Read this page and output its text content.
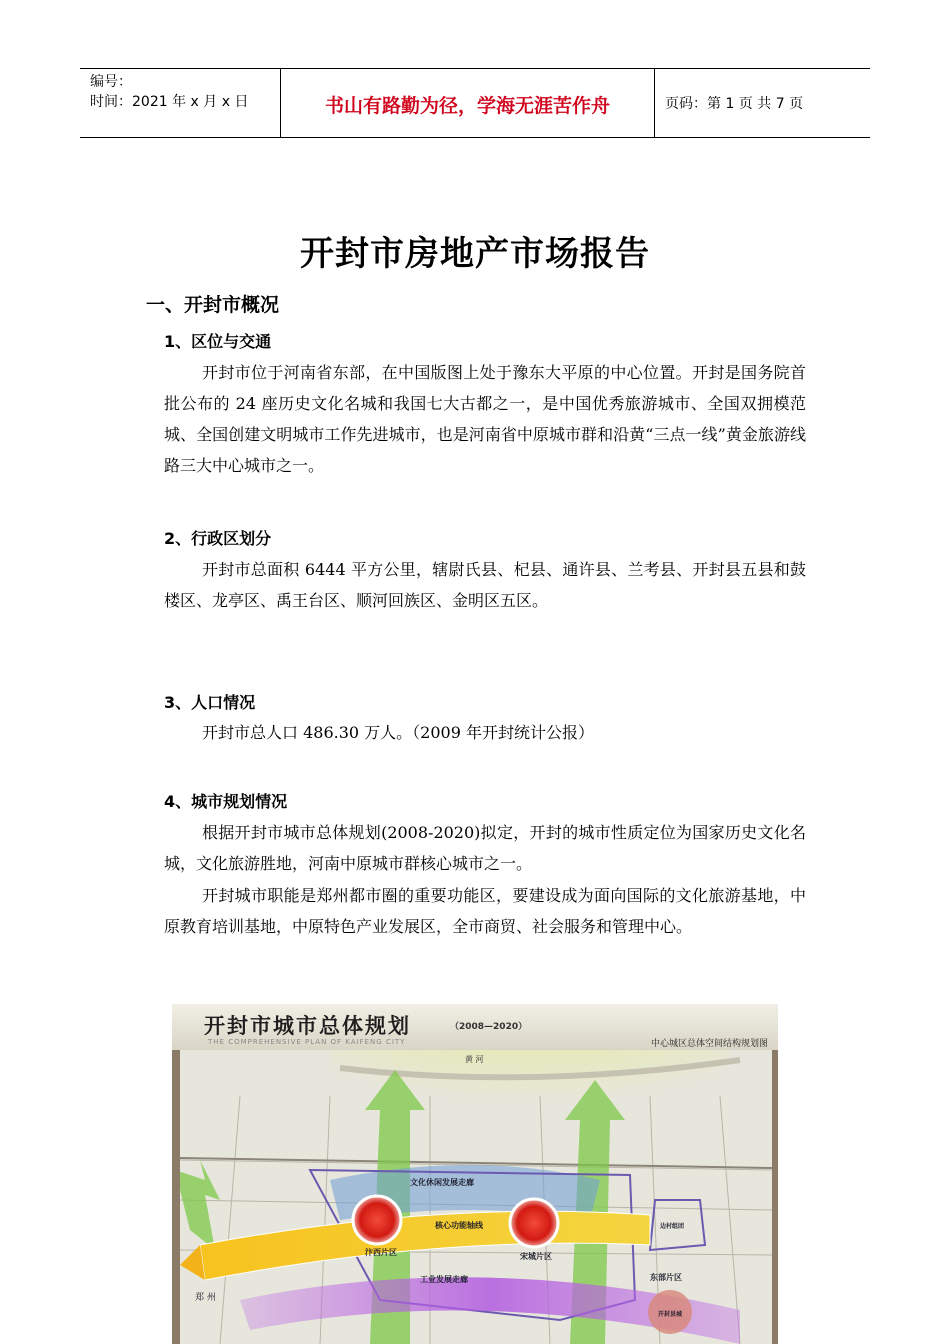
编号：
时间：2021 年 x 月 x 日	书山有路勤为径，学海无涯苦作舟	页码：第 1 页 共 7 页
开封市房地产市场报告
一、开封市概况
1、区位与交通
开封市位于河南省东部，在中国版图上处于豫东大平原的中心位置。开封是国务院首批公布的 24 座历史文化名城和我国七大古都之一，是中国优秀旅游城市、全国双拥模范城、全国创建文明城市工作先进城市，也是河南省中原城市群和沿黄“三点一线”黄金旅游线路三大中心城市之一。
2、行政区划分
开封市总面积 6444 平方公里，辖尉氏县、杞县、通许县、兰考县、开封县五县和鼓楼区、龙亭区、禹王台区、顺河回族区、金明区五区。
3、人口情况
开封市总人口 486.30 万人。（2009 年开封统计公报）
4、城市规划情况
根据开封市城市总体规划(2008-2020)拟定，开封的城市性质定位为国家历史文化名城，文化旅游胜地，河南中原城市群核心城市之一。
开封城市职能是郑州都市圈的重要功能区，要建设成为面向国际的文化旅游基地，中原教育培训基地，中原特色产业发展区，全市商贸、社会服务和管理中心。
开封市城市总体规划	（2008—2020）
THE COMPREHENSIVE PLAN OF KAIFENG CITY	中心城区总体空间结构规划图
文化休闲发展走廊
核心功能轴线
工业发展走廊
汴西片区	宋城片区
东部片区
边村组团
开封县城
郑 州
黄 河
